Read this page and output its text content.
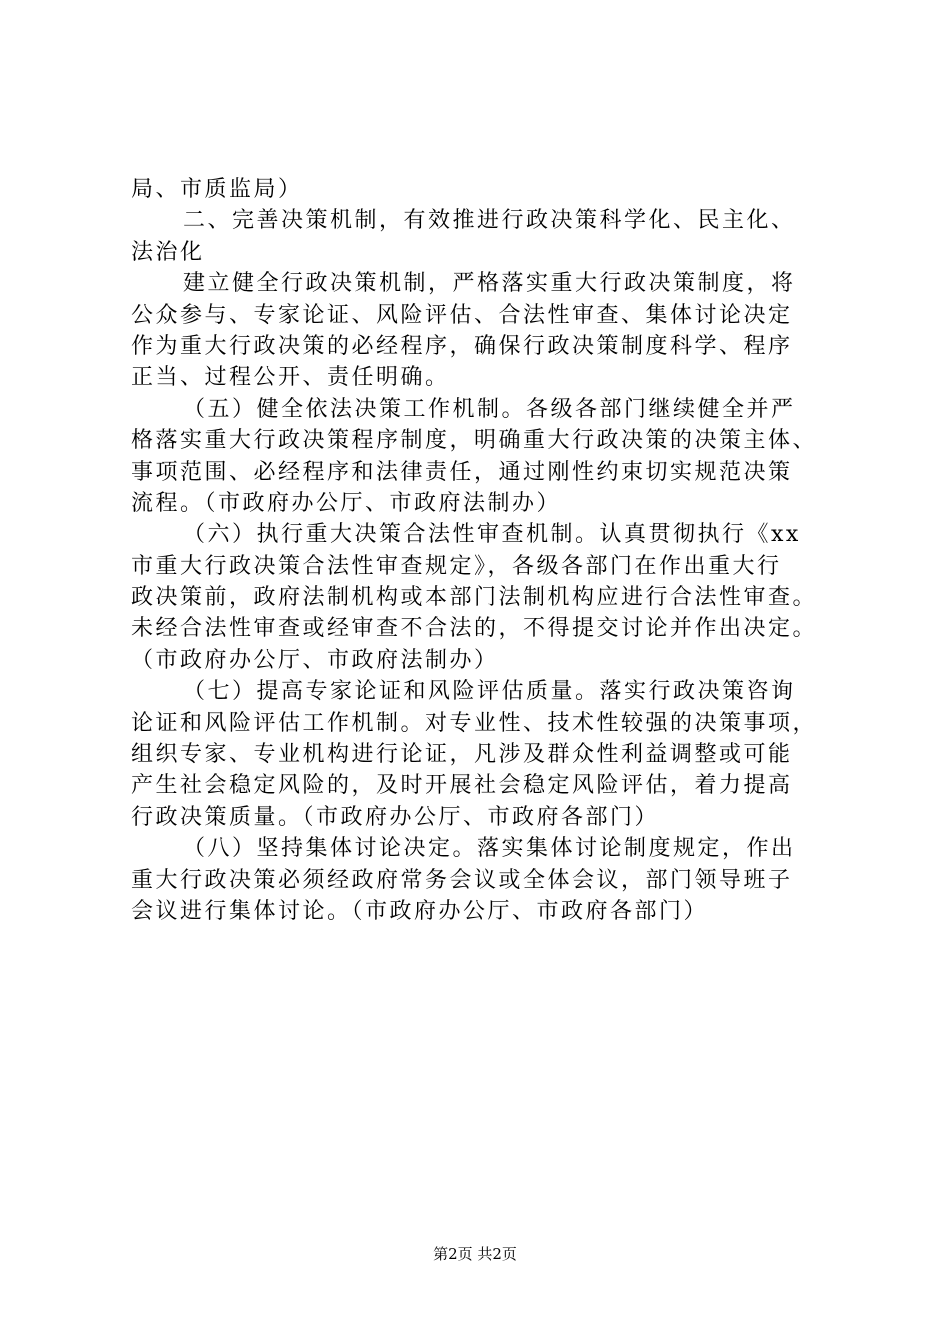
局、市质监局）
二、完善决策机制，有效推进行政决策科学化、民主化、
法治化
建立健全行政决策机制，严格落实重大行政决策制度，将
公众参与、专家论证、风险评估、合法性审查、集体讨论决定
作为重大行政决策的必经程序，确保行政决策制度科学、程序
正当、过程公开、责任明确。
（五）健全依法决策工作机制。各级各部门继续健全并严
格落实重大行政决策程序制度，明确重大行政决策的决策主体、
事项范围、必经程序和法律责任，通过刚性约束切实规范决策
流程。（市政府办公厅、市政府法制办）
（六）执行重大决策合法性审查机制。认真贯彻执行《xx
市重大行政决策合法性审查规定》，各级各部门在作出重大行
政决策前，政府法制机构或本部门法制机构应进行合法性审查。
未经合法性审查或经审查不合法的，不得提交讨论并作出决定。
（市政府办公厅、市政府法制办）
（七）提高专家论证和风险评估质量。落实行政决策咨询
论证和风险评估工作机制。对专业性、技术性较强的决策事项，
组织专家、专业机构进行论证，凡涉及群众性利益调整或可能
产生社会稳定风险的，及时开展社会稳定风险评估，着力提高
行政决策质量。（市政府办公厅、市政府各部门）
（八）坚持集体讨论决定。落实集体讨论制度规定，作出
重大行政决策必须经政府常务会议或全体会议，部门领导班子
会议进行集体讨论。（市政府办公厅、市政府各部门）
第2页 共2页
